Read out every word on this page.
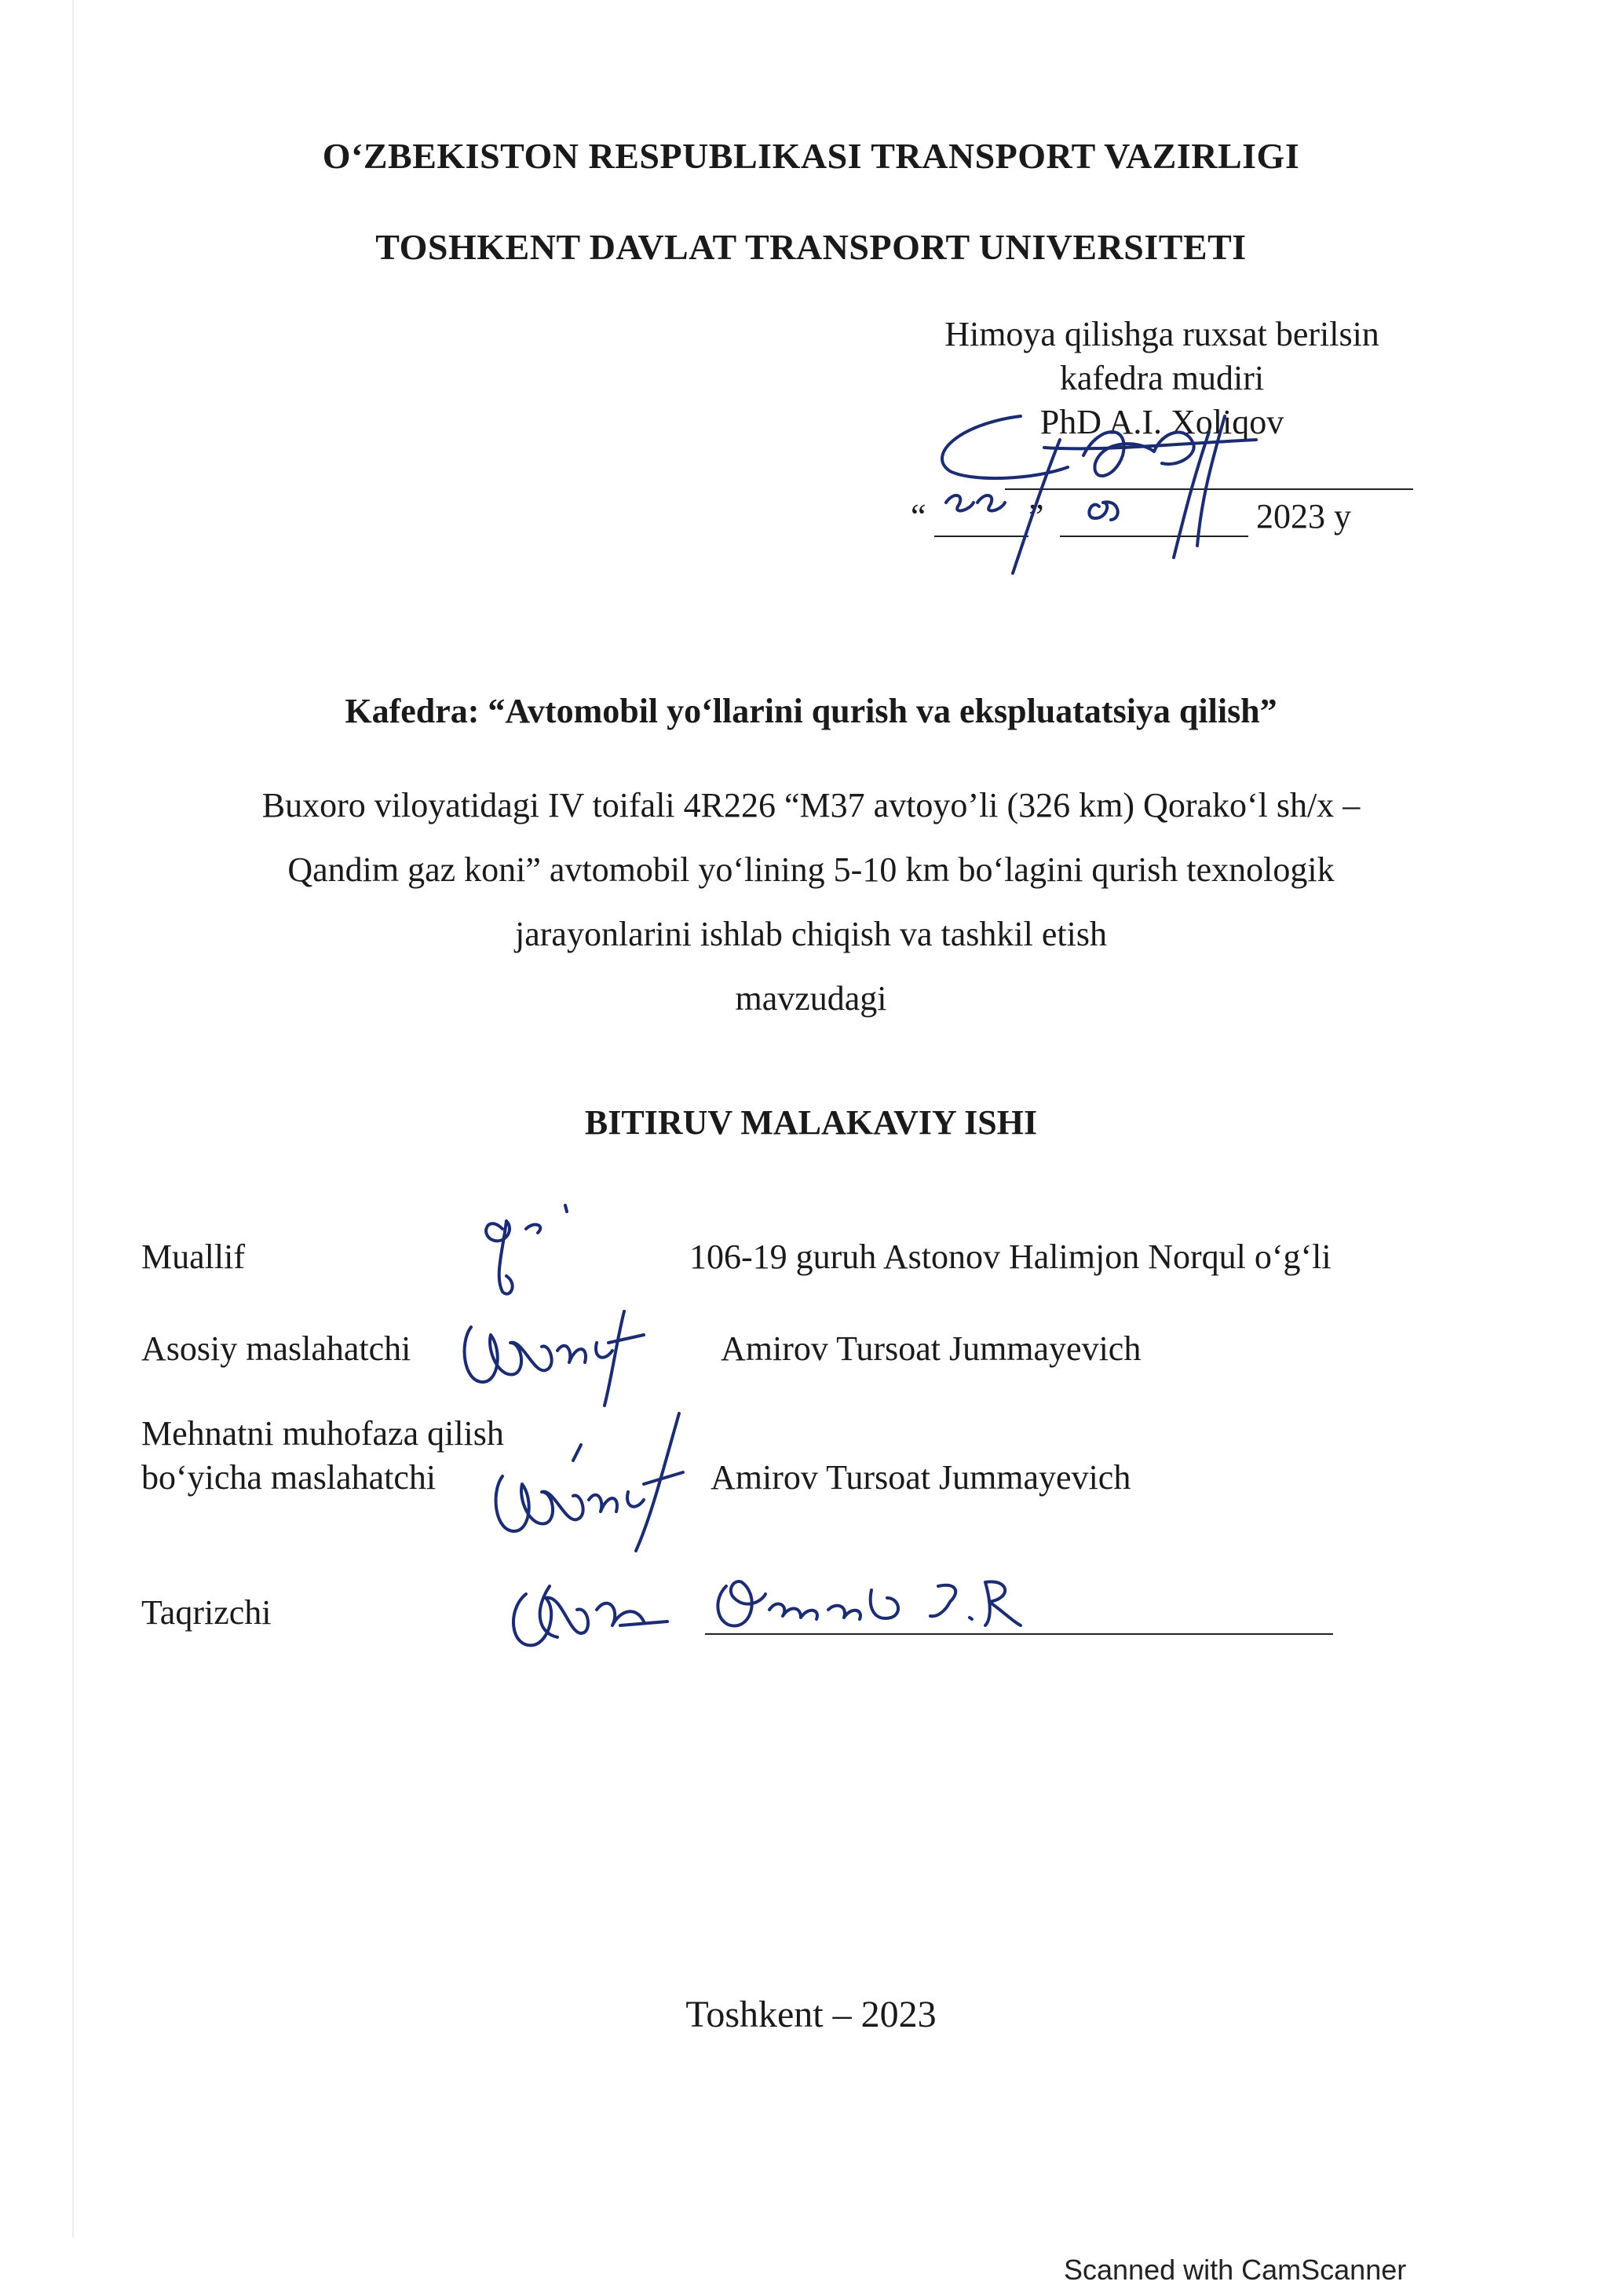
O‘ZBEKISTON RESPUBLIKASI TRANSPORT VAZIRLIGI
TOSHKENT DAVLAT TRANSPORT UNIVERSITETI
Himoya qilishga ruxsat berilsin
kafedra mudiri
PhD A.I. Xoliqov
“	”	2023 y
Kafedra: “Avtomobil yo‘llarini qurish va ekspluatatsiya qilish”
Buxoro viloyatidagi IV toifali 4R226 “M37 avtoyo’li (326 km) Qorako‘l sh/x –
Qandim gaz koni” avtomobil yo‘lining 5-10 km bo‘lagini qurish texnologik
jarayonlarini ishlab chiqish va tashkil etish
mavzudagi
BITIRUV MALAKAVIY ISHI
Muallif	106-19 guruh Astonov Halimjon Norqul o‘g‘li
Asosiy maslahatchi	Amirov Tursoat Jummayevich
Mehnatni muhofaza qilish
bo‘yicha maslahatchi	Amirov Tursoat Jummayevich
Taqrizchi
Toshkent – 2023
Scanned with CamScanner
